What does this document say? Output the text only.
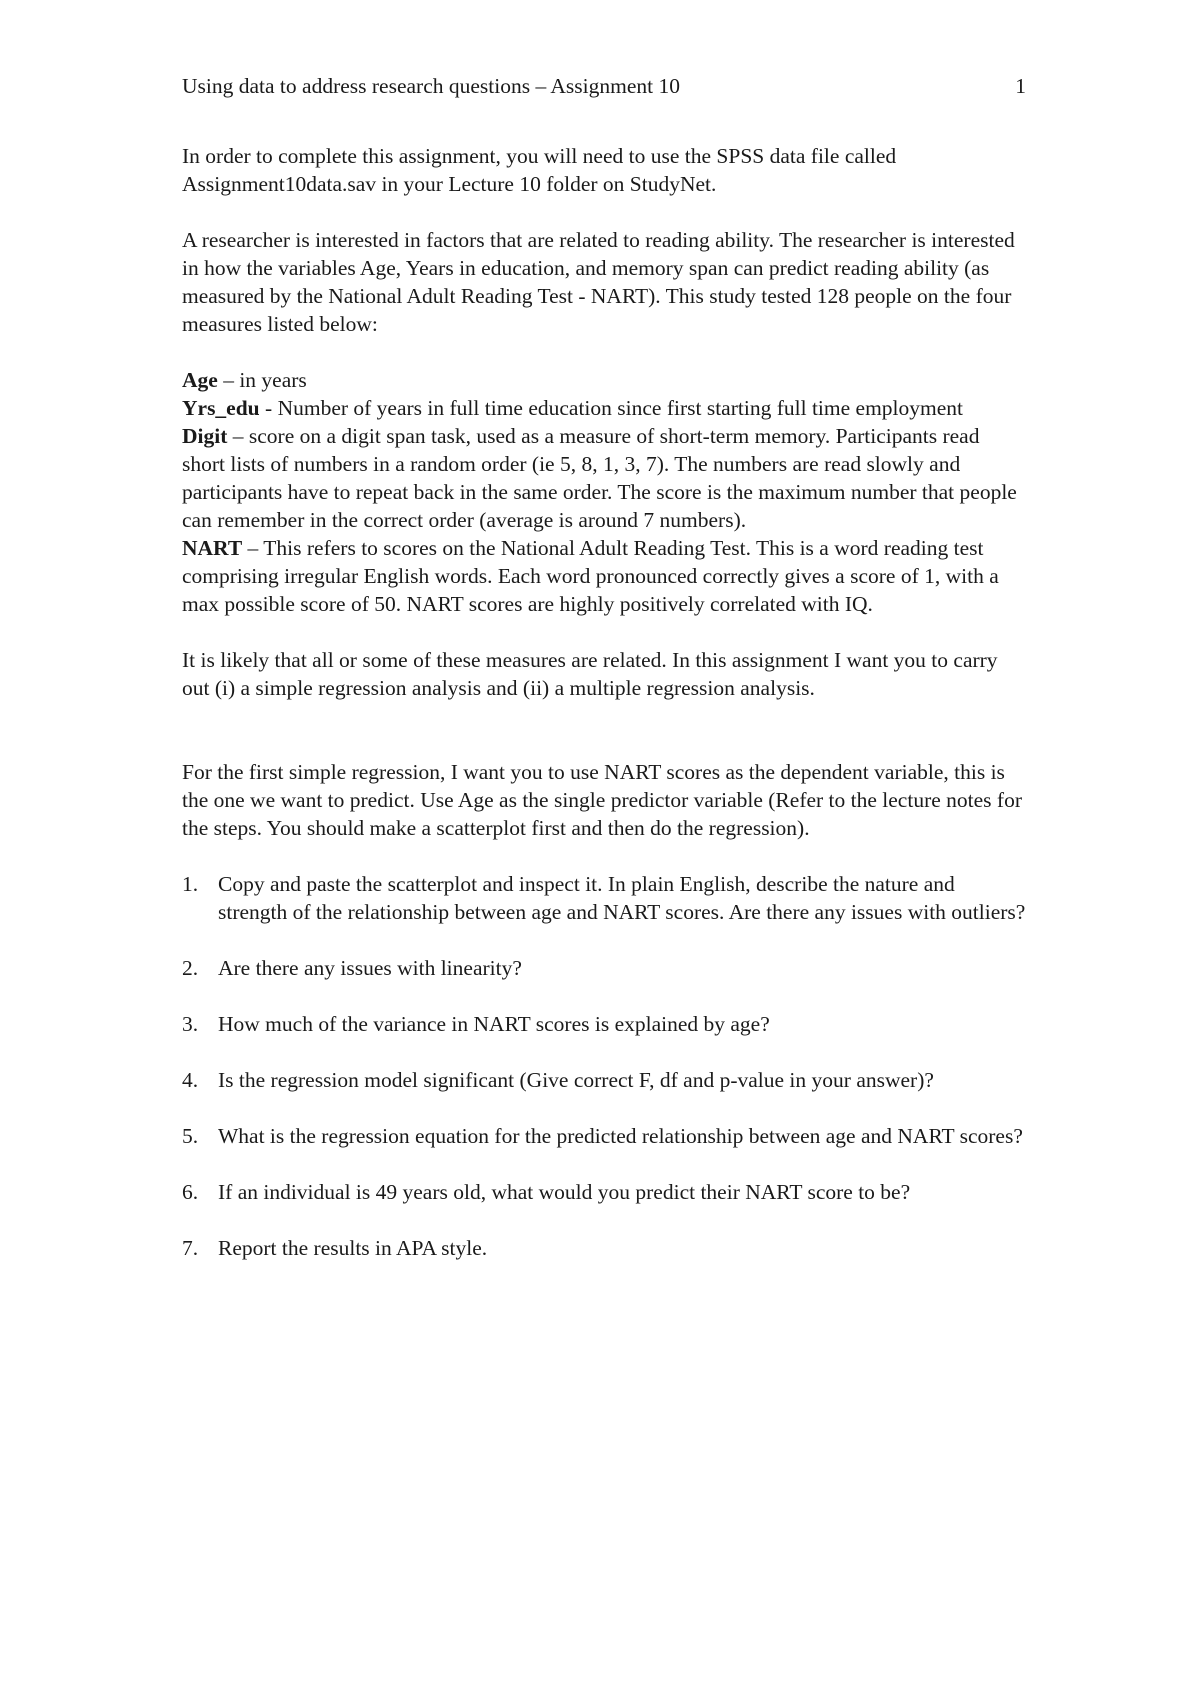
Using data to address research questions – Assignment 10	1

In order to complete this assignment, you will need to use the SPSS data file called Assignment10data.sav in your Lecture 10 folder on StudyNet.

A researcher is interested in factors that are related to reading ability. The researcher is interested in how the variables Age, Years in education, and memory span can predict reading ability (as measured by the National Adult Reading Test - NART). This study tested 128 people on the four measures listed below:

Age – in years

Yrs_edu - Number of years in full time education since first starting full time employment

Digit – score on a digit span task, used as a measure of short-term memory. Participants read short lists of numbers in a random order (ie 5, 8, 1, 3, 7). The numbers are read slowly and participants have to repeat back in the same order. The score is the maximum number that people can remember in the correct order (average is around 7 numbers).

NART – This refers to scores on the National Adult Reading Test. This is a word reading test comprising irregular English words. Each word pronounced correctly gives a score of 1, with a max possible score of 50. NART scores are highly positively correlated with IQ.

It is likely that all or some of these measures are related. In this assignment I want you to carry out (i) a simple regression analysis and (ii) a multiple regression analysis.

For the first simple regression, I want you to use NART scores as the dependent variable, this is the one we want to predict. Use Age as the single predictor variable (Refer to the lecture notes for the steps. You should make a scatterplot first and then do the regression).

1. Copy and paste the scatterplot and inspect it. In plain English, describe the nature and strength of the relationship between age and NART scores. Are there any issues with outliers?
2. Are there any issues with linearity?
3. How much of the variance in NART scores is explained by age?
4. Is the regression model significant (Give correct F, df and p-value in your answer)?
5. What is the regression equation for the predicted relationship between age and NART scores?
6. If an individual is 49 years old, what would you predict their NART score to be?
7. Report the results in APA style.
